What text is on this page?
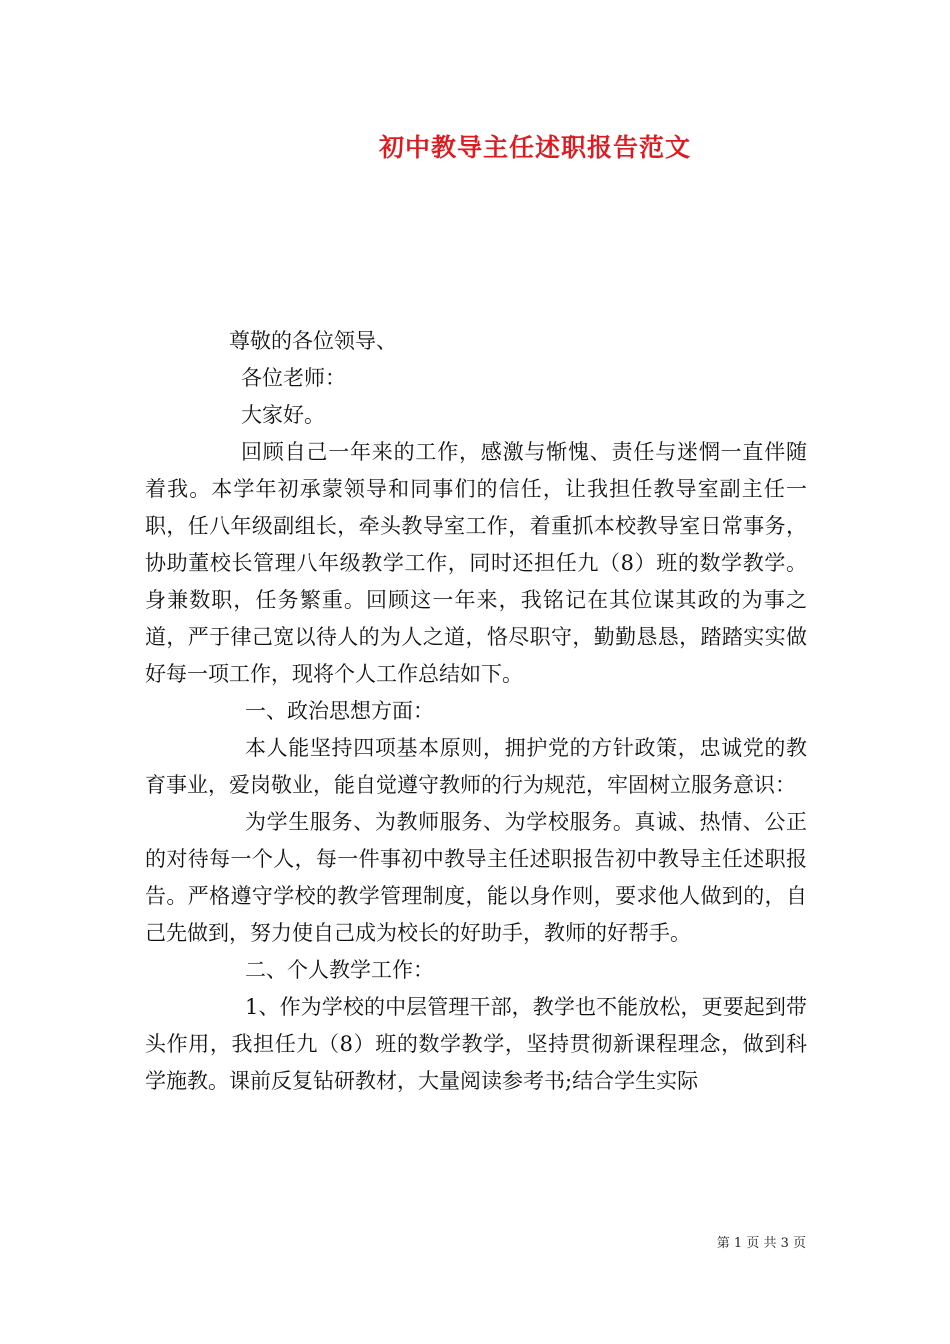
初中教导主任述职报告范文

尊敬的各位领导、

各位老师：

大家好。

回顾自己一年来的工作，感激与惭愧、责任与迷惘一直伴随着我。本学年初承蒙领导和同事们的信任，让我担任教导室副主任一职，任八年级副组长，牵头教导室工作，着重抓本校教导室日常事务，协助董校长管理八年级教学工作，同时还担任九（8）班的数学教学。身兼数职，任务繁重。回顾这一年来，我铭记在其位谋其政的为事之道，严于律己宽以待人的为人之道，恪尽职守，勤勤恳恳，踏踏实实做好每一项工作，现将个人工作总结如下。

一、政治思想方面：

本人能坚持四项基本原则，拥护党的方针政策，忠诚党的教育事业，爱岗敬业，能自觉遵守教师的行为规范，牢固树立服务意识：

为学生服务、为教师服务、为学校服务。真诚、热情、公正的对待每一个人，每一件事初中教导主任述职报告初中教导主任述职报告。严格遵守学校的教学管理制度，能以身作则，要求他人做到的，自己先做到，努力使自己成为校长的好助手，教师的好帮手。

二、个人教学工作：

1、作为学校的中层管理干部，教学也不能放松，更要起到带头作用，我担任九（8）班的数学教学，坚持贯彻新课程理念，做到科学施教。课前反复钻研教材，大量阅读参考书;结合学生实际

第 1 页 共 3 页
